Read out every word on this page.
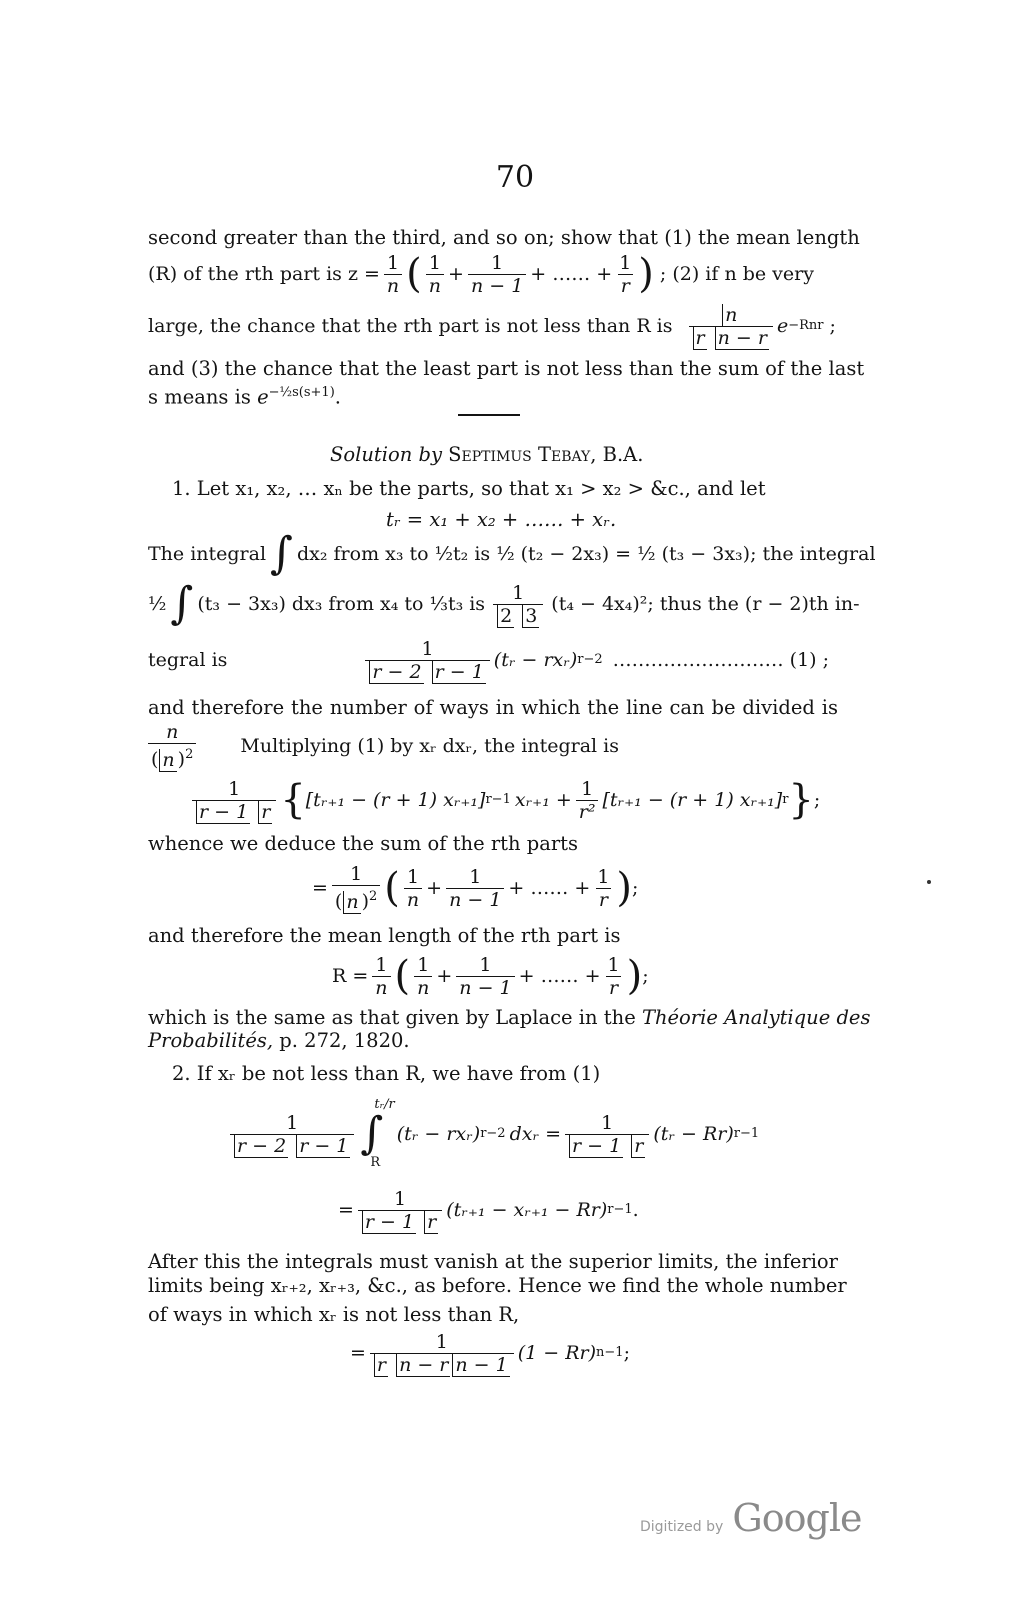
70
second greater than the third, and so on; show that (1) the mean length
(R) of the rth part is $z = \frac{1}{n}$ ( $\frac{1}{n} + \frac{1}{n - 1}$ + …… + $\frac{1}{r}$ ) ; (2) if n be very
large, the chance that the rth part is not less than R is $\frac{n}{\text{r n − r}}$ e −Rnr ;
and (3) the chance that the least part is not less than the sum of the last
s means is $e^{-\frac{1}{2}s(s+1)}$.
Solution by Septimus Tebay, B.A.
1. Let x₁, x₂, … xₙ be the parts, so that x₁ > x₂ > &c., and let
tᵣ = x₁ + x₂ + …… + xᵣ.
The integral ∫ dx₂ from x₃ to ½t₂ is ½ (t₂ − 2x₃) = ½ (t₃ − 3x₃); the integral
½ ∫ (t₃ − 3x₃) dx₃ from x₄ to ⅓t₃ is $\frac{1}{2 3} (t_4 - 4x_4)^2$; thus the (r − 2)th in-
tegral is	$\frac{1}{r - 2 r - 1}$ (tᵣ − rxᵣ) r−2 ……………………… (1) ;
and therefore the number of ways in which the line can be divided is
$\frac{n}{( n )^2}$ Multiplying (1) by xᵣ dxᵣ, the integral is
$\frac{1}{r - 1 r}$ { [tᵣ₊₁ − (r + 1) xᵣ₊₁] r−1 xᵣ₊₁ + $\frac{1}{\text{r²}}$ [tᵣ₊₁ − (r + 1) xᵣ₊₁] r } ;
whence we deduce the sum of the rth parts
= $\frac{1}{( n )^2}$ ( $\frac{1}{n} + \frac{1}{n - 1}$ + …… + $\frac{1}{r}$ ) ;
and therefore the mean length of the rth part is
$R = \frac{1}{n}$ ( $\frac{1}{n} + \frac{1}{n - 1}$ + …… + $\frac{1}{r}$ ) ;
which is the same as that given by Laplace in the Théorie Analytique des
Probabilités, p. 272, 1820.
2. If xᵣ be not less than R, we have from (1)
$\frac{1}{r - 2 r - 1}$
tᵣ/r
∫
R
(tᵣ − rxᵣ) r−2 dxᵣ = $\frac{1}{r - 1 r}$ (tᵣ − Rr) r−1
= $\frac{1}{r - 1 r}$ (tᵣ₊₁ − xᵣ₊₁ − Rr) r−1 .
After this the integrals must vanish at the superior limits, the inferior
limits being xᵣ₊₂, xᵣ₊₃, &c., as before. Hence we find the whole number
of ways in which xᵣ is not less than R,
= $\frac{1}{\text{r n − r n − 1}} (1 - Rr)$ n−1 ;
Digitized by Google
